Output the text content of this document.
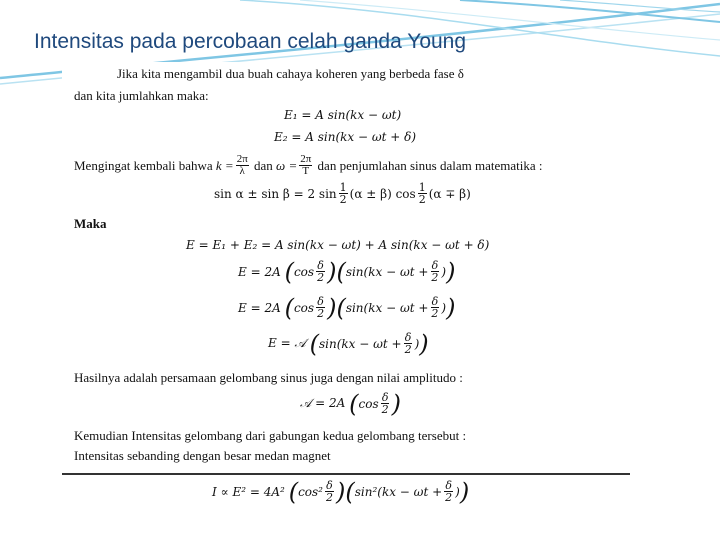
Intensitas pada percobaan celah ganda Young
Jika kita mengambil dua buah cahaya koheren yang berbeda fase δ
dan kita jumlahkan maka:
E₁ = A sin(kx − ωt)
E₂ = A sin(kx − ωt + δ)
Mengingat kembali bahwa
$k = \frac{2\pi}{\lambda}$
dan
$\omega = \frac{2\pi}{T}$
dan penjumlahan sinus dalam matematika :
sin α ± sin β = 2 $\sin \frac{1}{2} (\alpha \pm \beta)$ $\cos \frac{1}{2} (\alpha \mp \beta)$
Maka
E = E₁ + E₂ = A sin(kx − ωt) + A sin(kx − ωt + δ)
E = 2A
( $\cos \frac{\delta}{2}$ ) ( $\sin(kx - \omega t + \frac{\delta}{2}$ ) )
E = 2A
( $\cos \frac{\delta}{2}$ ) ( $\sin(kx - \omega t + \frac{\delta}{2}$ ) )
E = 𝒜
( $\sin(kx - \omega t + \frac{\delta}{2}$ ) )
Hasilnya adalah persamaan gelombang sinus juga dengan nilai amplitudo :
𝒜 = 2A
( $\cos \frac{\delta}{2}$ )
Kemudian Intensitas gelombang dari gabungan kedua gelombang tersebut :
Intensitas sebanding dengan besar medan magnet
I ∝ E² = 4A²
( $\cos^2 \frac{\delta}{2}$ ) ( $\sin^2(kx - \omega t + \frac{\delta}{2}$ ) )
